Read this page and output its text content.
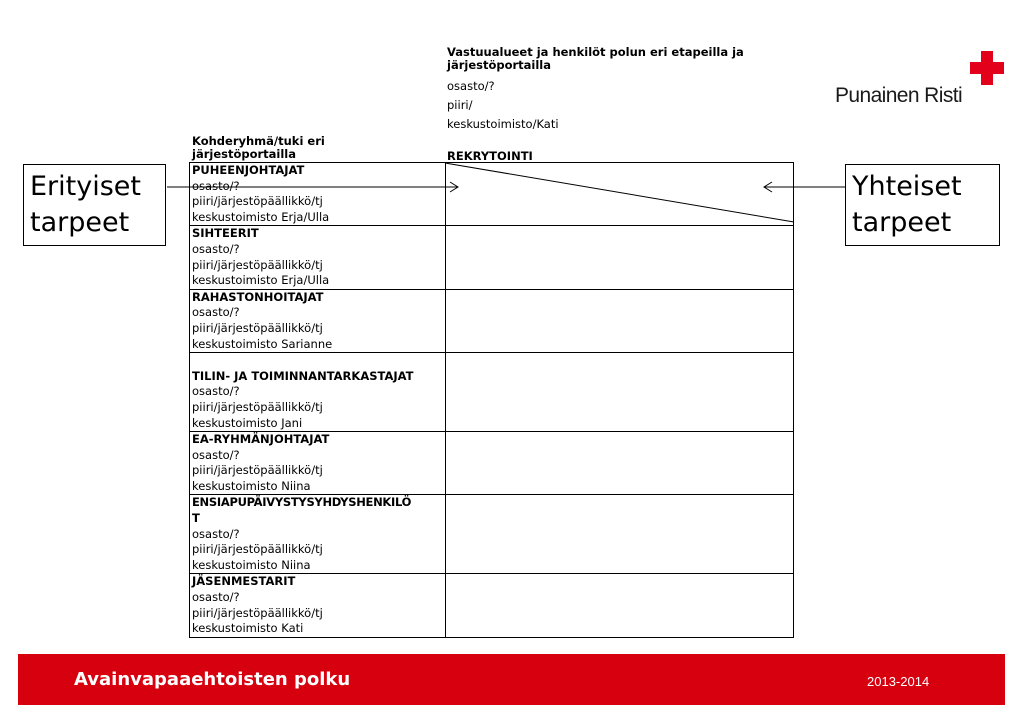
Vastuualueet ja henkilöt polun eri etapeilla ja järjestöportailla
osasto/?
piiri/
keskustoimisto/Kati
Punainen Risti
Kohderyhmä/tuki eri järjestöportailla	REKRYTOINTI
PUHEENJOHTAJAT
osasto/?
piiri/järjestöpäällikkö/tj
keskustoimisto Erja/Ulla	

SIHTEERIT
osasto/?
piiri/järjestöpäällikkö/tj
keskustoimisto Erja/Ulla	

RAHASTONHOITAJAT
osasto/?
piiri/järjestöpäällikkö/tj
keskustoimisto Sarianne	

TILIN- JA TOIMINNANTARKASTAJAT
osasto/?
piiri/järjestöpäällikkö/tj
keskustoimisto Jani	

EA-RYHMÄNJOHTAJAT
osasto/?
piiri/järjestöpäällikkö/tj
keskustoimisto Niina	

ENSIAPUPÄIVYSTYSYHDYSHENKILÖ
T
osasto/?
piiri/järjestöpäällikkö/tj
keskustoimisto Niina	

JÄSENMESTARIT
osasto/?
piiri/järjestöpäällikkö/tj
keskustoimisto Kati	

Erityiset
tarpeet
Yhteiset
tarpeet
Avainvapaaehtoisten polku	2013-2014
